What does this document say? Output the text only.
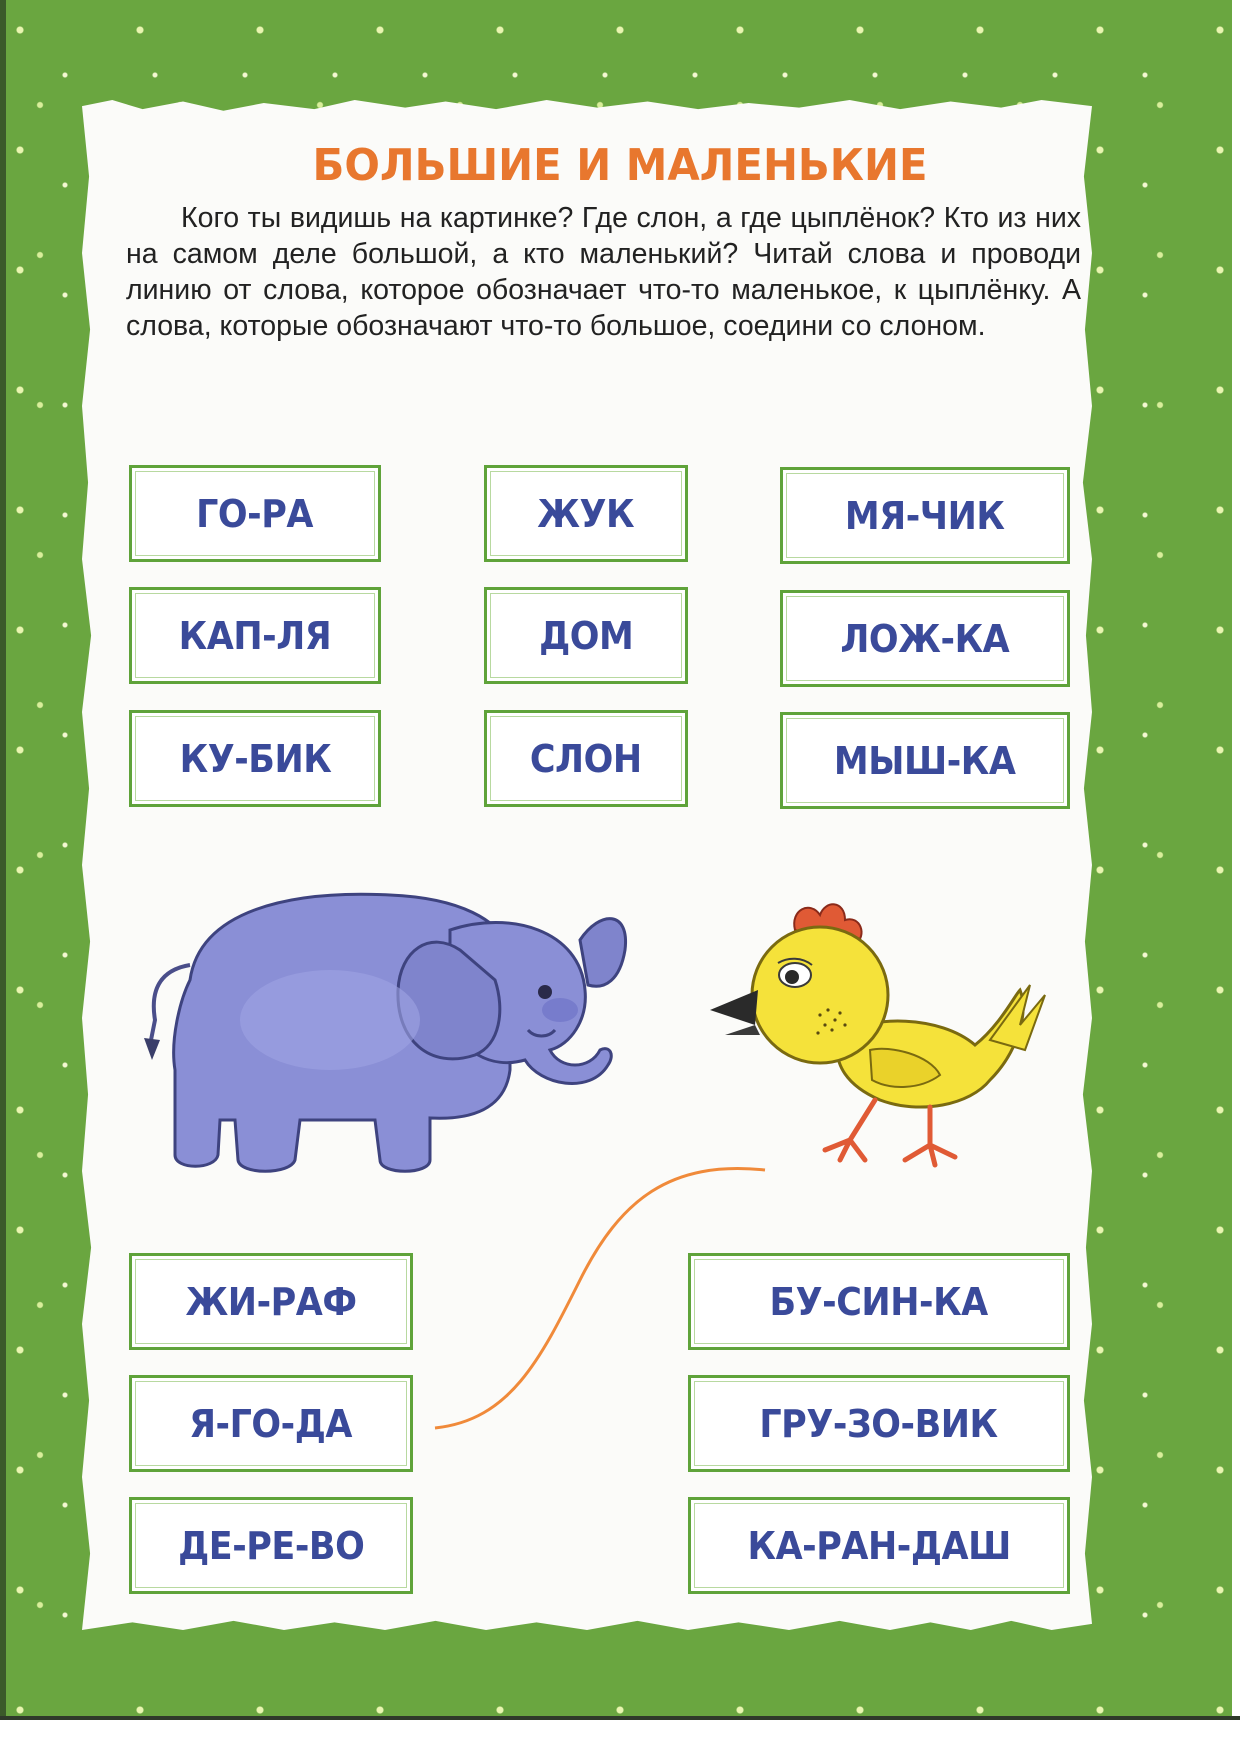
БОЛЬШИЕ И МАЛЕНЬКИЕ

Кого ты видишь на картинке? Где слон, а где цыплёнок? Кто из них на самом деле большой, а кто маленький? Читай слова и проводи линию от слова, которое обозначает что-то маленькое, к цыплёнку. А слова, которые обозначают что-то большое, соедини со слоном.

ГО-РА	ЖУК	МЯ-ЧИК
КАП-ЛЯ	ДОМ	ЛОЖ-КА
КУ-БИК	СЛОН	МЫШ-КА
ЖИ-РАФ
Я-ГО-ДА
ДЕ-РЕ-ВО
БУ-СИН-КА
ГРУ-ЗО-ВИК
КА-РАН-ДАШ
